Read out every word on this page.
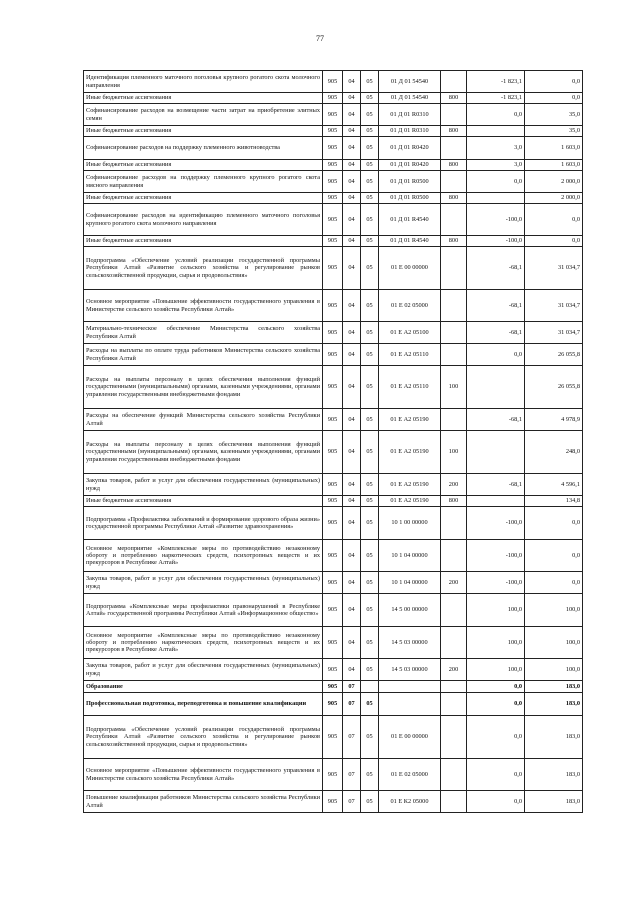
77
Идентификация племенного маточного поголовья крупного рогатого скота молочного направления	905	04	05	01 Д 01 54540		-1 823,1	0,0
Иные бюджетные ассигнования	905	04	05	01 Д 01 54540	800	-1 823,1	0,0
Софинансирование расходов на возмещение части затрат на приобретение элитных семян	905	04	05	01 Д 01 R0310		0,0	35,0
Иные бюджетные ассигнования	905	04	05	01 Д 01 R0310	800		35,0
Софинансирование расходов на поддержку племенного животноводства	905	04	05	01 Д 01 R0420		3,0	1 603,0
Иные бюджетные ассигнования	905	04	05	01 Д 01 R0420	800	3,0	1 603,0
Софинансирование расходов на поддержку племенного крупного рогатого скота мясного направления	905	04	05	01 Д 01 R0500		0,0	2 000,0
Иные бюджетные ассигнования	905	04	05	01 Д 01 R0500	800		2 000,0
Софинансирование расходов на идентификацию племенного маточного поголовья крупного рогатого скота молочного направления	905	04	05	01 Д 01 R4540		-100,0	0,0
Иные бюджетные ассигнования	905	04	05	01 Д 01 R4540	800	-100,0	0,0
Подпрограмма «Обеспечение условий реализации государственной программы Республики Алтай «Развитие сельского хозяйства и регулирование рынков сельскохозяйственной продукции, сырья и продовольствия»	905	04	05	01 Е 00 00000		-68,1	31 034,7
Основное мероприятие «Повышение эффективности государственного управления в Министерстве сельского хозяйства Республики Алтай»	905	04	05	01 Е 02 05000		-68,1	31 034,7
Материально-техническое обеспечение Министерства сельского хозяйства Республики Алтай	905	04	05	01 Е А2 05100		-68,1	31 034,7
Расходы на выплаты по оплате труда работников Министерства сельского хозяйства Республики Алтай	905	04	05	01 Е А2 05110		0,0	26 055,8
Расходы на выплаты персоналу в целях обеспечения выполнения функций государственными (муниципальными) органами, казенными учреждениями, органами управления государственными внебюджетными фондами	905	04	05	01 Е А2 05110	100		26 055,8
Расходы на обеспечение функций Министерства сельского хозяйства Республики Алтай	905	04	05	01 Е А2 05190		-68,1	4 978,9
Расходы на выплаты персоналу в целях обеспечения выполнения функций государственными (муниципальными) органами, казенными учреждениями, органами управления государственными внебюджетными фондами	905	04	05	01 Е А2 05190	100		248,0
Закупка товаров, работ и услуг для обеспечения государственных (муниципальных) нужд	905	04	05	01 Е А2 05190	200	-68,1	4 596,1
Иные бюджетные ассигнования	905	04	05	01 Е А2 05190	800		134,8
Подпрограмма «Профилактика заболеваний и формирование здорового образа жизни» государственной программы Республики Алтай «Развитие здравоохранения»	905	04	05	10 1 00 00000		-100,0	0,0
Основное мероприятие «Комплексные меры по противодействию незаконному обороту и потреблению наркотических средств, психотропных веществ и их прекурсоров в Республике Алтай»	905	04	05	10 1 04 00000		-100,0	0,0
Закупка товаров, работ и услуг для обеспечения государственных (муниципальных) нужд	905	04	05	10 1 04 00000	200	-100,0	0,0
Подпрограмма «Комплексные меры профилактики правонарушений в Республике Алтай» государственной программы Республики Алтай «Информационное общество»	905	04	05	14 5 00 00000		100,0	100,0
Основное мероприятие «Комплексные меры по противодействию незаконному обороту и потреблению наркотических средств, психотропных веществ и их прекурсоров в Республике Алтай»	905	04	05	14 5 03 00000		100,0	100,0
Закупка товаров, работ и услуг для обеспечения государственных (муниципальных) нужд	905	04	05	14 5 03 00000	200	100,0	100,0
Образование	905	07				0,0	183,0
Профессиональная подготовка, переподготовка и повышение квалификации	905	07	05			0,0	183,0
Подпрограмма «Обеспечение условий реализации государственной программы Республики Алтай «Развитие сельского хозяйства и регулирование рынков сельскохозяйственной продукции, сырья и продовольствия»	905	07	05	01 Е 00 00000		0,0	183,0
Основное мероприятие «Повышение эффективности государственного управления в Министерстве сельского хозяйства Республики Алтай»	905	07	05	01 Е 02 05000		0,0	183,0
Повышение квалификации работников Министерства сельского хозяйства Республики Алтай	905	07	05	01 Е К2 05000		0,0	183,0
